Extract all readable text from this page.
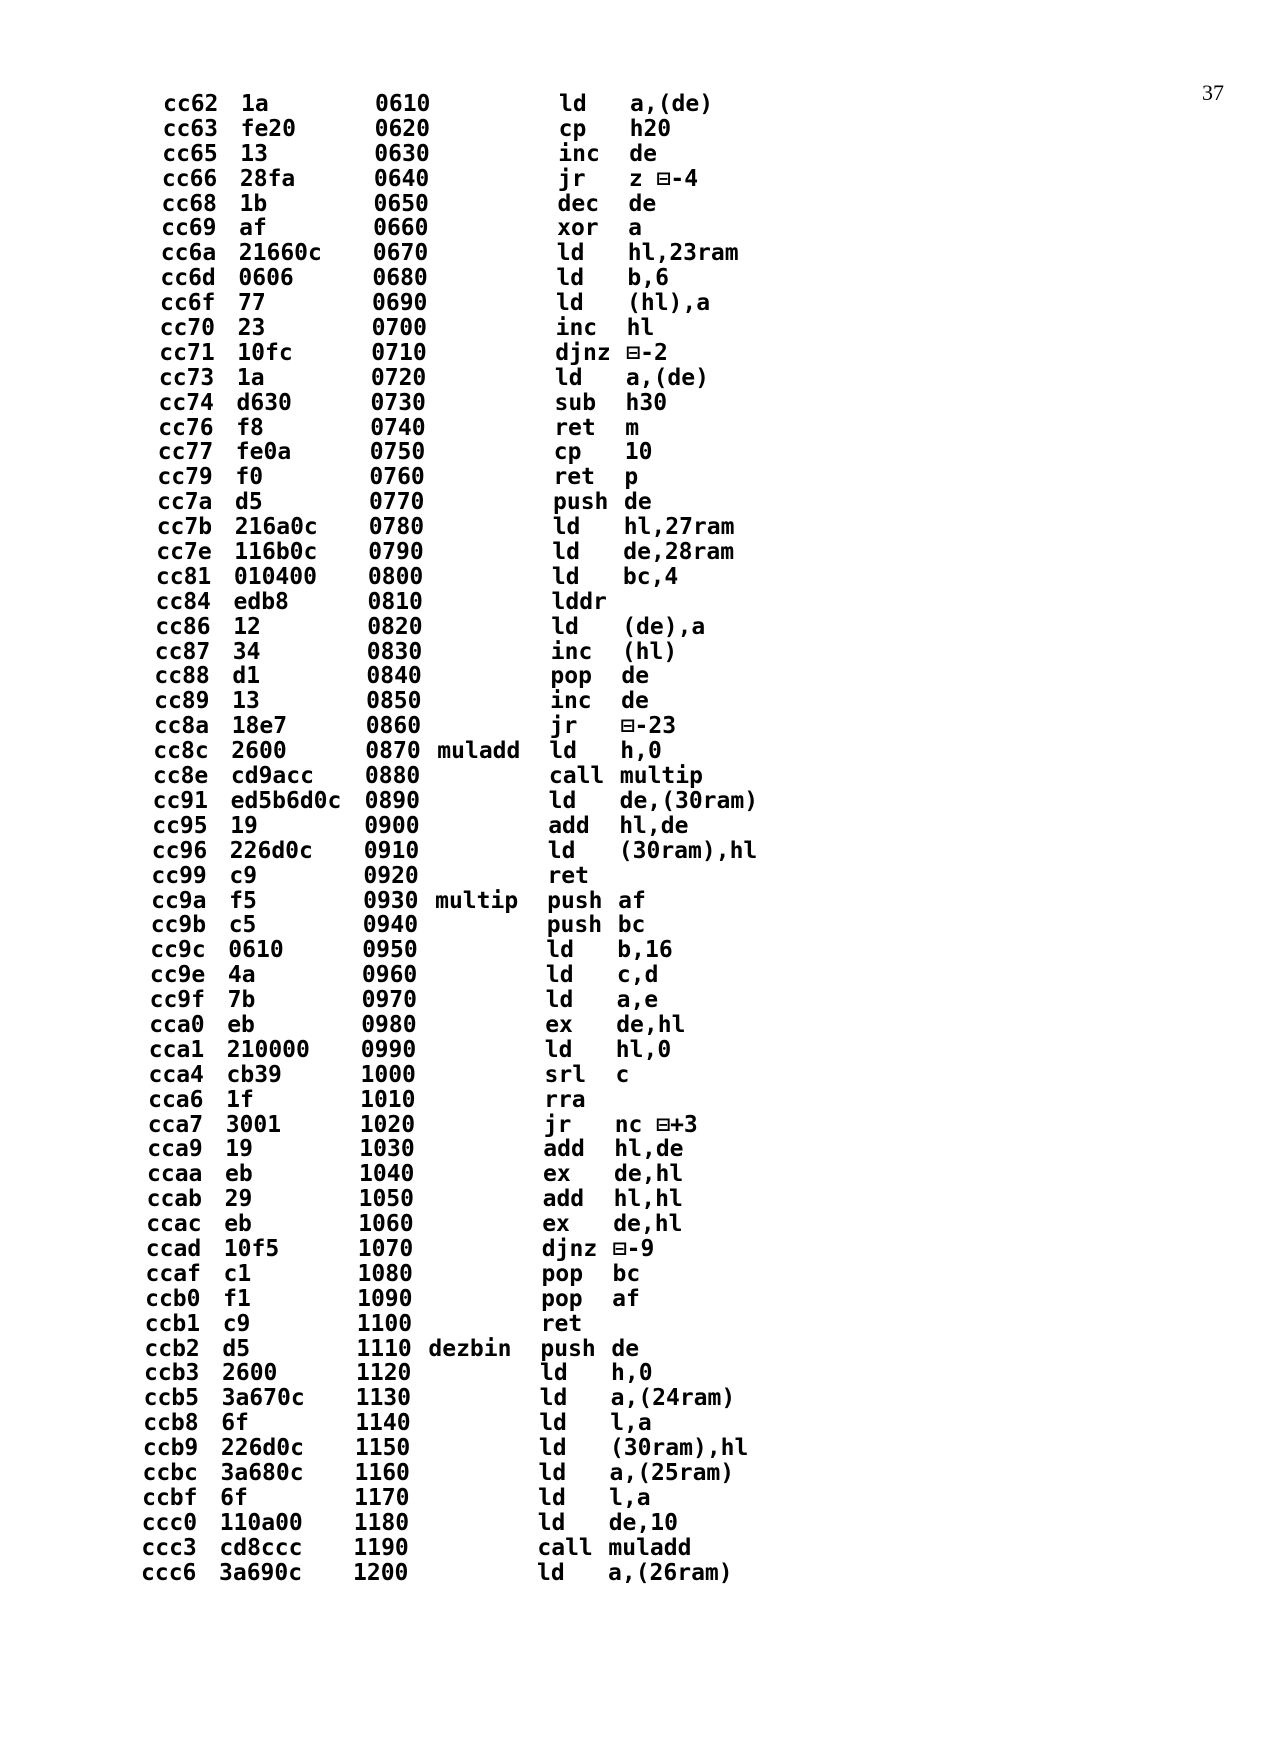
37
cc62 1a	0610	ld a,(de)
cc63 fe20	0620	cp h20
cc65 13	0630	inc de
cc66 28fa	0640	jr z ⊟-4
cc68 1b	0650	dec de
cc69 af	0660	xor a
cc6a 21660c 0670	ld hl,23ram
cc6d 0606	0680	ld b,6
cc6f 77	0690	ld (hl),a
cc70 23	0700	inc hl
cc71 10fc	0710	djnz ⊟-2
cc73 1a	0720	ld a,(de)
cc74 d630	0730	sub h30
cc76 f8	0740	ret m
cc77 fe0a	0750	cp 10
cc79 f0	0760	ret p
cc7a d5	0770	push de
cc7b 216a0c 0780	ld hl,27ram
cc7e 116b0c 0790	ld de,28ram
cc81 010400 0800	ld bc,4
cc84 edb8	0810	lddr
cc86 12	0820	ld (de),a
cc87 34	0830	inc (hl)
cc88 d1	0840	pop de
cc89 13	0850	inc de
cc8a 18e7	0860	jr ⊟-23
cc8c 2600	0870 muladd ld h,0
cc8e cd9acc 0880	call multip
cc91 ed5b6d0c 0890	ld de,(30ram)
cc95 19	0900	add hl,de
cc96 226d0c 0910	ld (30ram),hl
cc99 c9	0920	ret
cc9a f5	0930 multip push af
cc9b c5	0940	push bc
cc9c 0610	0950	ld b,16
cc9e 4a	0960	ld c,d
cc9f 7b	0970	ld a,e
cca0 eb	0980	ex de,hl
cca1 210000 0990	ld hl,0
cca4 cb39	1000	srl c
cca6 1f	1010	rra
cca7 3001	1020	jr nc ⊟+3
cca9 19	1030	add hl,de
ccaa eb	1040	ex de,hl
ccab 29	1050	add hl,hl
ccac eb	1060	ex de,hl
ccad 10f5	1070	djnz ⊟-9
ccaf c1	1080	pop bc
ccb0 f1	1090	pop af
ccb1 c9	1100	ret
ccb2 d5	1110 dezbin push de
ccb3 2600	1120	ld h,0
ccb5 3a670c 1130	ld a,(24ram)
ccb8 6f	1140	ld l,a
ccb9 226d0c 1150	ld (30ram),hl
ccbc 3a680c 1160	ld a,(25ram)
ccbf 6f	1170	ld l,a
ccc0 110a00 1180	ld de,10
ccc3 cd8ccc 1190	call muladd
ccc6 3a690c 1200	ld a,(26ram)
